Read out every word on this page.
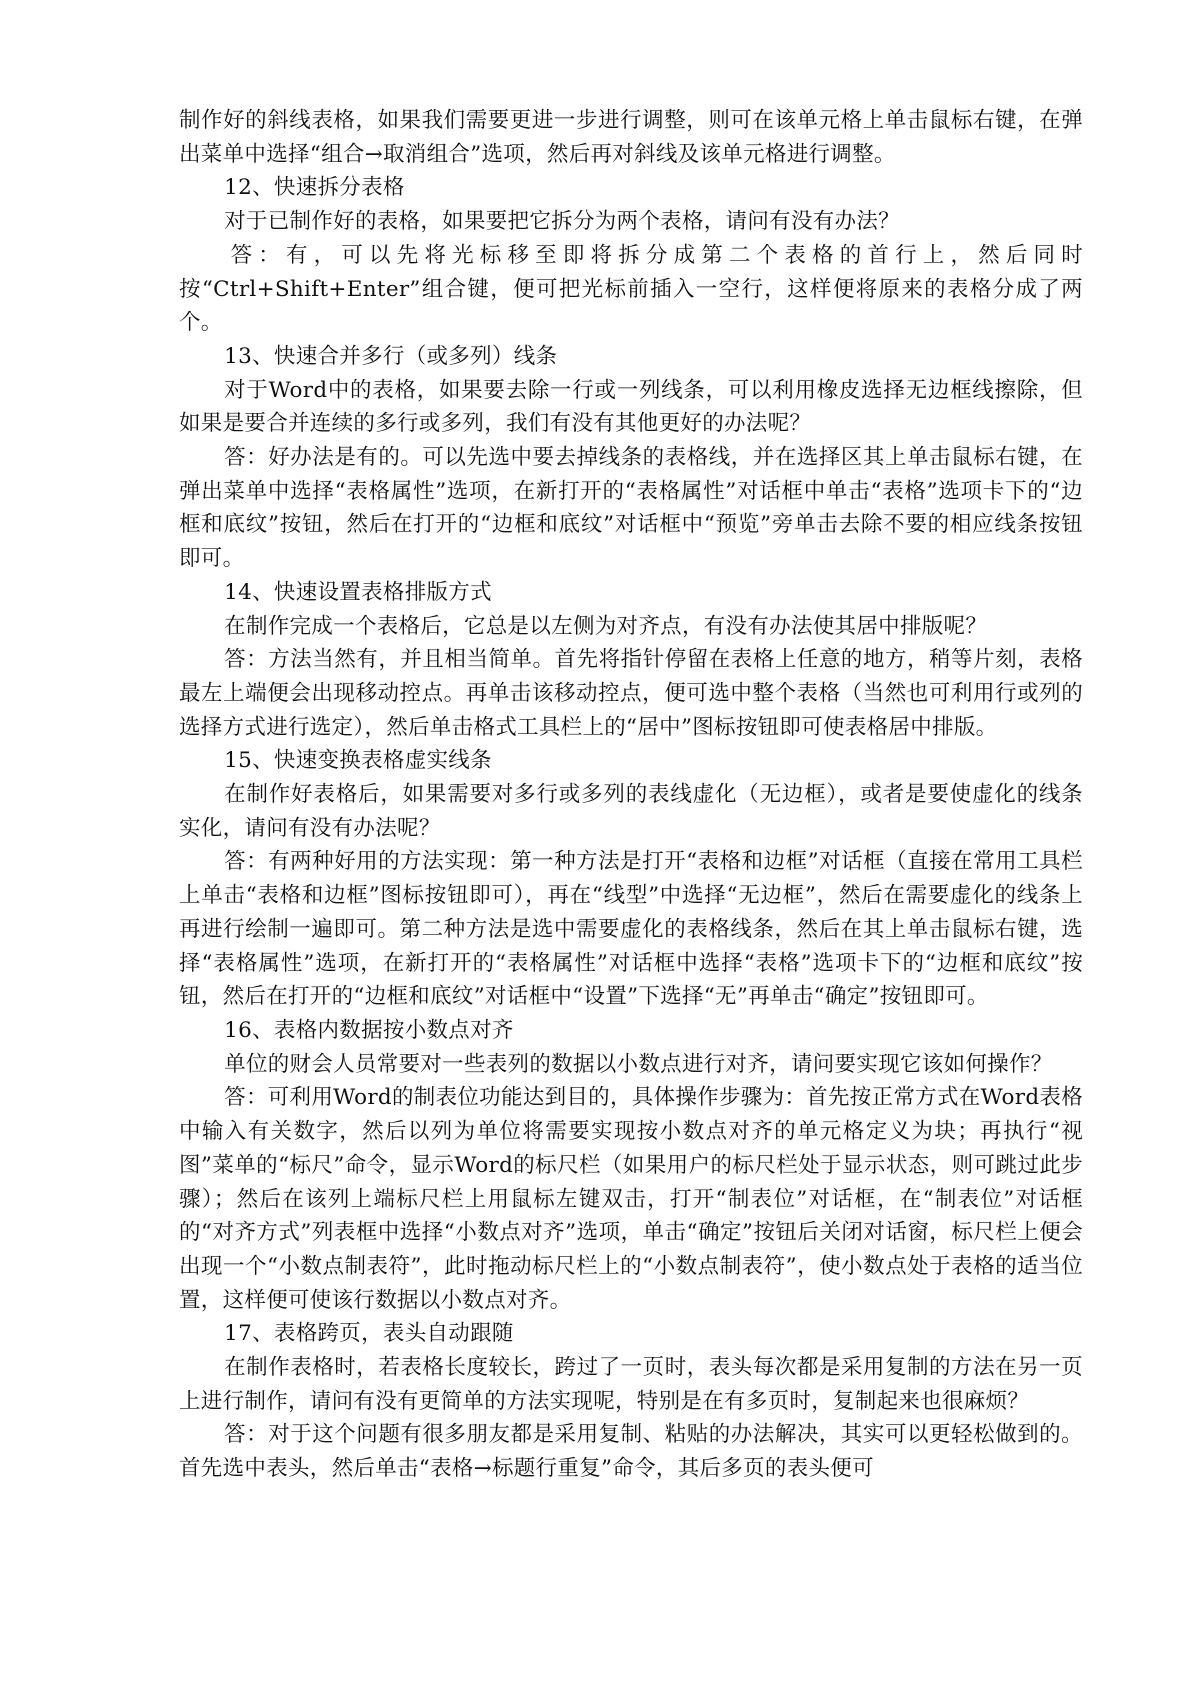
制作好的斜线表格，如果我们需要更进一步进行调整，则可在该单元格上单击鼠标右键，在弹出菜单中选择“组合→取消组合”选项，然后再对斜线及该单元格进行调整。

12、快速拆分表格

对于已制作好的表格，如果要把它拆分为两个表格，请问有没有办法？

答：有，可以先将光标移至即将拆分成第二个表格的首行上，然后同时按“Ctrl+Shift+Enter”组合键，便可把光标前插入一空行，这样便将原来的表格分成了两个。

13、快速合并多行（或多列）线条

对于Word中的表格，如果要去除一行或一列线条，可以利用橡皮选择无边框线擦除，但如果是要合并连续的多行或多列，我们有没有其他更好的办法呢？

答：好办法是有的。可以先选中要去掉线条的表格线，并在选择区其上单击鼠标右键，在弹出菜单中选择“表格属性”选项，在新打开的“表格属性”对话框中单击“表格”选项卡下的“边框和底纹”按钮，然后在打开的“边框和底纹”对话框中“预览”旁单击去除不要的相应线条按钮即可。

14、快速设置表格排版方式

在制作完成一个表格后，它总是以左侧为对齐点，有没有办法使其居中排版呢？

答：方法当然有，并且相当简单。首先将指针停留在表格上任意的地方，稍等片刻，表格最左上端便会出现移动控点。再单击该移动控点，便可选中整个表格（当然也可利用行或列的选择方式进行选定），然后单击格式工具栏上的“居中”图标按钮即可使表格居中排版。

15、快速变换表格虚实线条

在制作好表格后，如果需要对多行或多列的表线虚化（无边框），或者是要使虚化的线条实化，请问有没有办法呢？

答：有两种好用的方法实现：第一种方法是打开“表格和边框”对话框（直接在常用工具栏上单击“表格和边框”图标按钮即可），再在“线型”中选择“无边框”，然后在需要虚化的线条上再进行绘制一遍即可。第二种方法是选中需要虚化的表格线条，然后在其上单击鼠标右键，选择“表格属性”选项，在新打开的“表格属性”对话框中选择“表格”选项卡下的“边框和底纹”按钮，然后在打开的“边框和底纹”对话框中“设置”下选择“无”再单击“确定”按钮即可。

16、表格内数据按小数点对齐

单位的财会人员常要对一些表列的数据以小数点进行对齐，请问要实现它该如何操作？

答：可利用Word的制表位功能达到目的，具体操作步骤为：首先按正常方式在Word表格中输入有关数字，然后以列为单位将需要实现按小数点对齐的单元格定义为块；再执行“视图”菜单的“标尺”命令，显示Word的标尺栏（如果用户的标尺栏处于显示状态，则可跳过此步骤）；然后在该列上端标尺栏上用鼠标左键双击，打开“制表位”对话框，在“制表位”对话框的“对齐方式”列表框中选择“小数点对齐”选项，单击“确定”按钮后关闭对话窗，标尺栏上便会出现一个“小数点制表符”，此时拖动标尺栏上的“小数点制表符”，使小数点处于表格的适当位置，这样便可使该行数据以小数点对齐。

17、表格跨页，表头自动跟随

在制作表格时，若表格长度较长，跨过了一页时，表头每次都是采用复制的方法在另一页上进行制作，请问有没有更简单的方法实现呢，特别是在有多页时，复制起来也很麻烦？

答：对于这个问题有很多朋友都是采用复制、粘贴的办法解决，其实可以更轻松做到的。首先选中表头，然后单击“表格→标题行重复”命令，其后多页的表头便可
